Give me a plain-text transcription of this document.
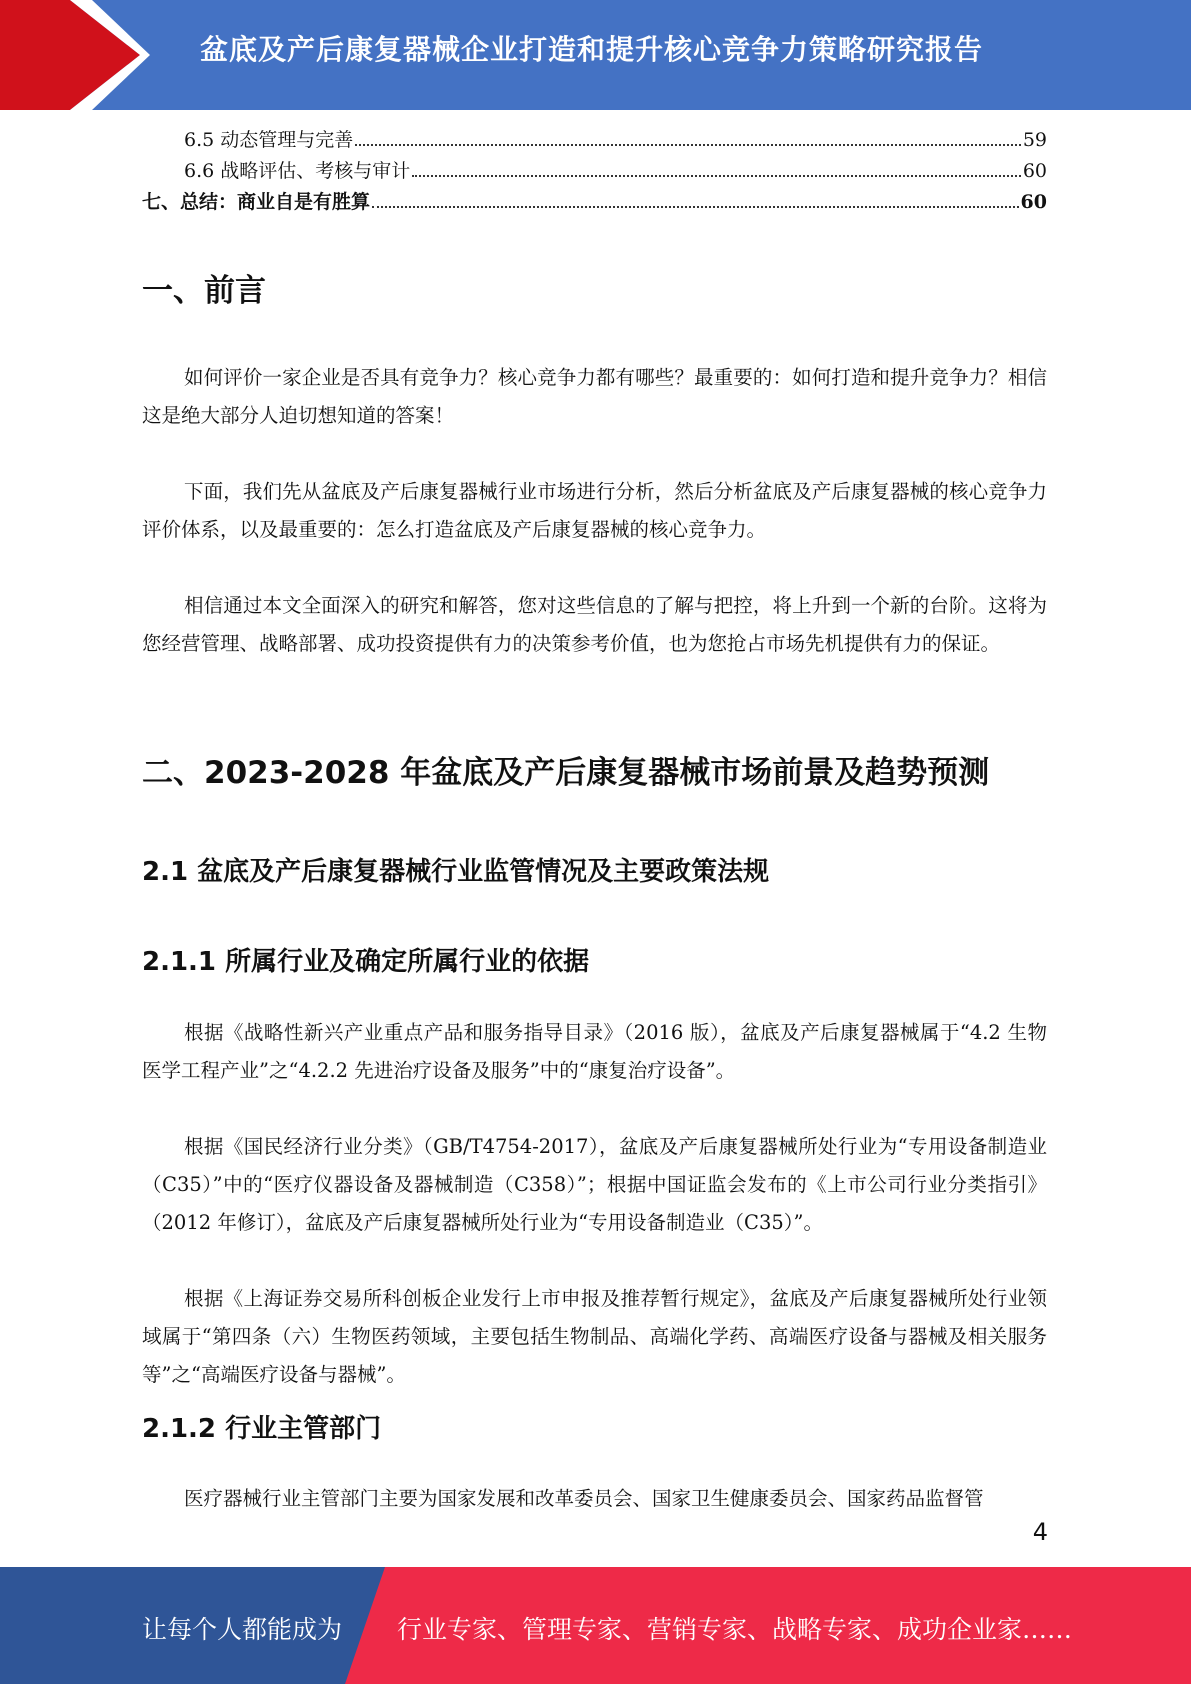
盆底及产后康复器械企业打造和提升核心竞争力策略研究报告
6.5 动态管理与完善	59
6.6 战略评估、考核与审计	60
七、总结：商业自是有胜算	60
一、前言

如何评价一家企业是否具有竞争力？核心竞争力都有哪些？最重要的：如何打造和提升竞争力？相信这是绝大部分人迫切想知道的答案！

下面，我们先从盆底及产后康复器械行业市场进行分析，然后分析盆底及产后康复器械的核心竞争力评价体系，以及最重要的：怎么打造盆底及产后康复器械的核心竞争力。

相信通过本文全面深入的研究和解答，您对这些信息的了解与把控，将上升到一个新的台阶。这将为您经营管理、战略部署、成功投资提供有力的决策参考价值，也为您抢占市场先机提供有力的保证。

二、2023-2028 年盆底及产后康复器械市场前景及趋势预测
2.1 盆底及产后康复器械行业监管情况及主要政策法规
2.1.1 所属行业及确定所属行业的依据

根据《战略性新兴产业重点产品和服务指导目录》（2016 版），盆底及产后康复器械属于“4.2 生物医学工程产业”之“4.2.2 先进治疗设备及服务”中的“康复治疗设备”。

根据《国民经济行业分类》（GB/T4754-2017），盆底及产后康复器械所处行业为“专用设备制造业（C35）”中的“医疗仪器设备及器械制造（C358）”；根据中国证监会发布的《上市公司行业分类指引》（2012 年修订），盆底及产后康复器械所处行业为“专用设备制造业（C35）”。

根据《上海证券交易所科创板企业发行上市申报及推荐暂行规定》，盆底及产后康复器械所处行业领域属于“第四条（六）生物医药领域，主要包括生物制品、高端化学药、高端医疗设备与器械及相关服务等”之“高端医疗设备与器械”。

2.1.2 行业主管部门

医疗器械行业主管部门主要为国家发展和改革委员会、国家卫生健康委员会、国家药品监督管

4
让每个人都能成为 行业专家、管理专家、营销专家、战略专家、成功企业家……
